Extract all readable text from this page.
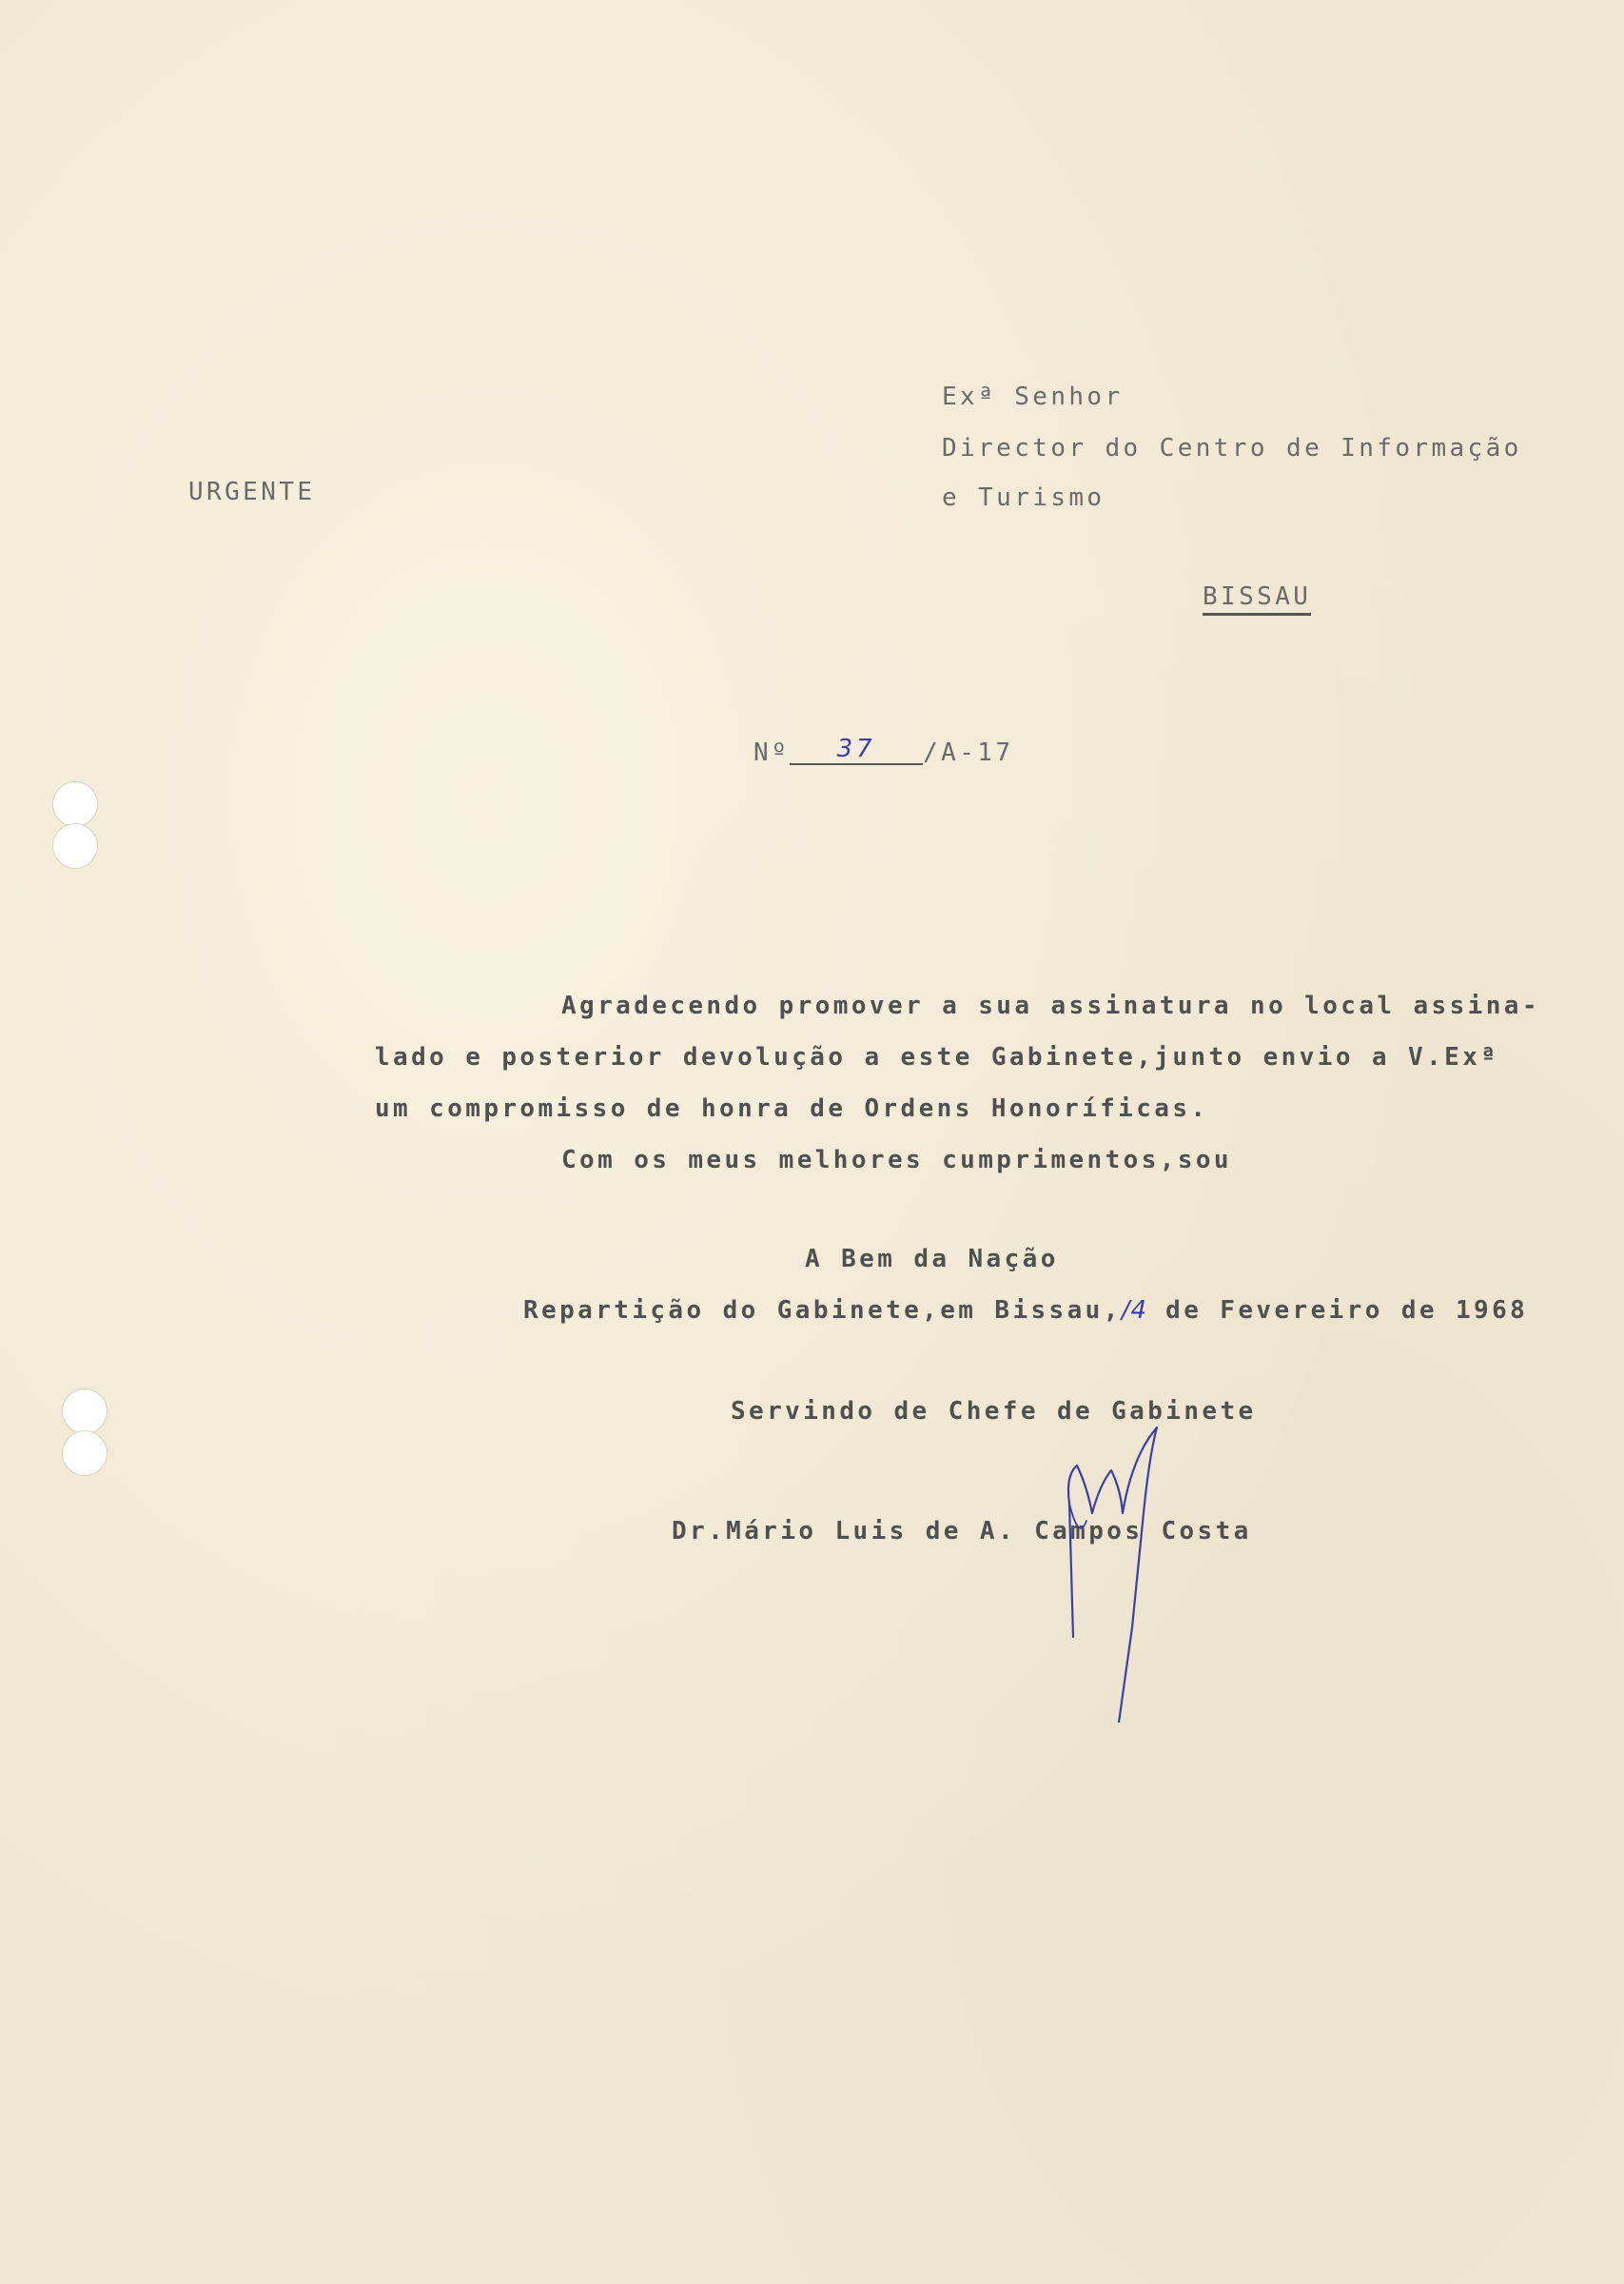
URGENTE
Exª Senhor
Director do Centro de Informação
e Turismo
BISSAU
Nº 37 /A-17
Agradecendo promover a sua assinatura no local assina-
lado e posterior devolução a este Gabinete,junto envio a V.Exª
um compromisso de honra de Ordens Honoríficas.
Com os meus melhores cumprimentos,sou
A Bem da Nação
Repartição do Gabinete,em Bissau,/4 de Fevereiro de 1968
Servindo de Chefe de Gabinete
Dr.Mário Luis de A. Campos Costa
